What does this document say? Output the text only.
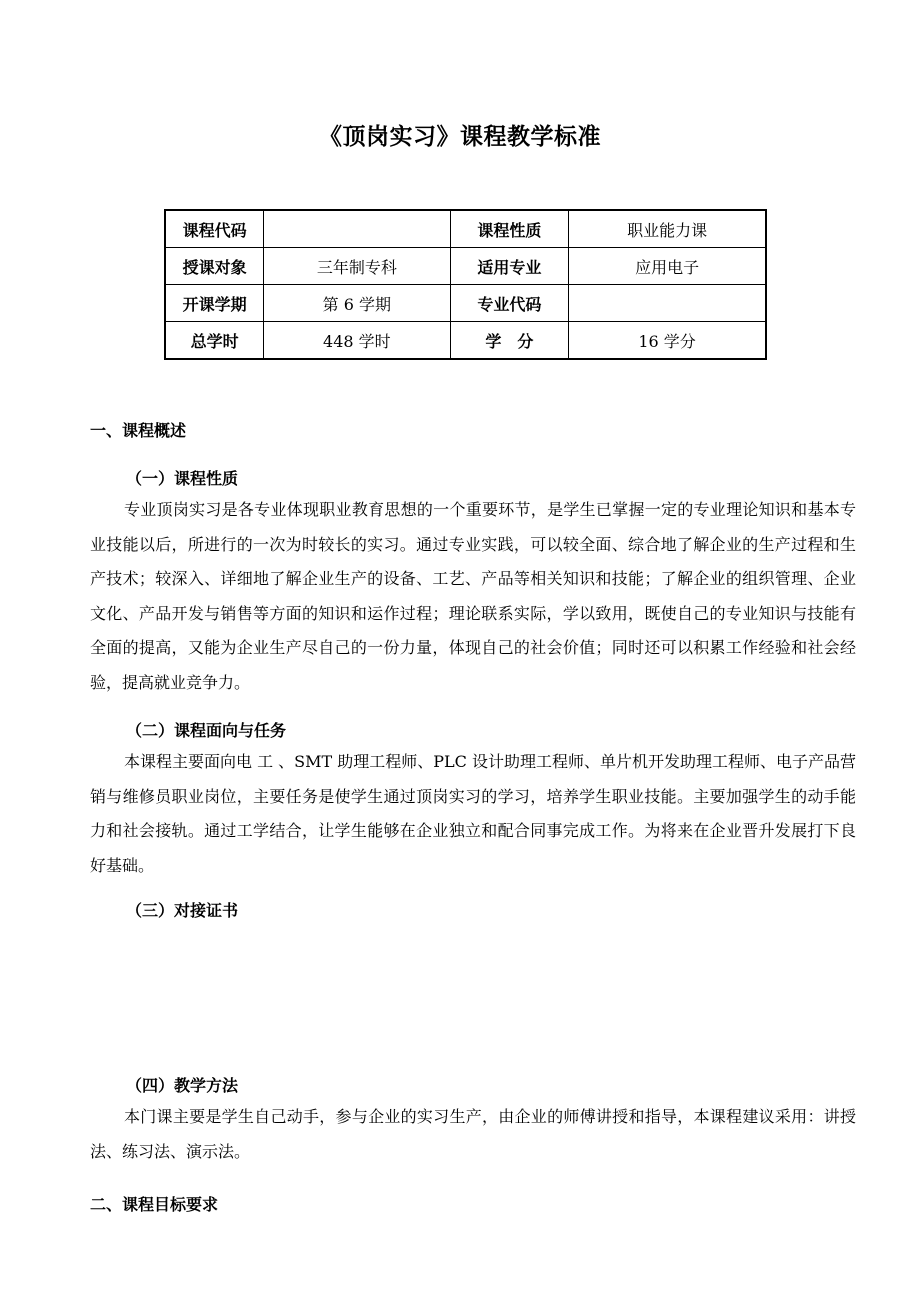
《顶岗实习》课程教学标准
课程代码		课程性质	职业能力课
授课对象	三年制专科	适用专业	应用电子
开课学期	第 6 学期	专业代码	
总学时	448 学时	学　分	16 学分
一、课程概述
（一）课程性质

专业顶岗实习是各专业体现职业教育思想的一个重要环节，是学生已掌握一定的专业理论知识和基本专业技能以后，所进行的一次为时较长的实习。通过专业实践，可以较全面、综合地了解企业的生产过程和生产技术；较深入、详细地了解企业生产的设备、工艺、产品等相关知识和技能；了解企业的组织管理、企业文化、产品开发与销售等方面的知识和运作过程；理论联系实际，学以致用，既使自己的专业知识与技能有全面的提高，又能为企业生产尽自己的一份力量，体现自己的社会价值；同时还可以积累工作经验和社会经验，提高就业竞争力。

（二）课程面向与任务

本课程主要面向电 工 、SMT 助理工程师、PLC 设计助理工程师、单片机开发助理工程师、电子产品营销与维修员职业岗位，主要任务是使学生通过顶岗实习的学习，培养学生职业技能。主要加强学生的动手能力和社会接轨。通过工学结合，让学生能够在企业独立和配合同事完成工作。为将来在企业晋升发展打下良好基础。

（三）对接证书
（四）教学方法

本门课主要是学生自己动手，参与企业的实习生产，由企业的师傅讲授和指导，本课程建议采用：讲授法、练习法、演示法。

二、课程目标要求
